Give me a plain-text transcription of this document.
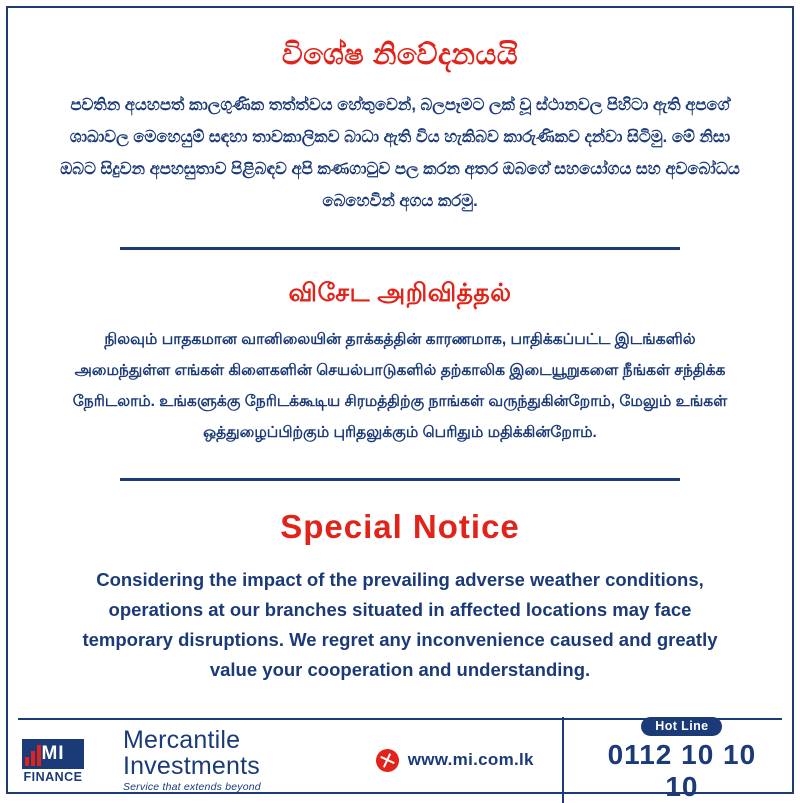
විශේෂ නිවේදනයයි

පවතින අයහපත් කාලගුණික තත්ත්වය හේතුවෙන්, බලපෑමට ලක් වූ ස්ථානවල පිහිටා ඇති අපගේ ශාඛාවල මෙහෙයුම් සඳහා තාවකාලිකව බාධා ඇති විය හැකිබව කාරුණිකව දන්වා සිටිමු. මේ නිසා ඔබට සිදුවන අපහසුතාව පිළිබඳව අපි කණගාටුව පල කරන අතර ඔබගේ සහයෝගය සහ අවබෝධය බෙහෙවින් අගය කරමු.

விசேட அறிவித்தல்

நிலவும் பாதகமான வானிலையின் தாக்கத்தின் காரணமாக, பாதிக்கப்பட்ட இடங்களில் அமைந்துள்ள எங்கள் கிளைகளின் செயல்பாடுகளில் தற்காலிக இடையூறுகளை நீங்கள் சந்திக்க நேரிடலாம். உங்களுக்கு நேரிடக்கூடிய சிரமத்திற்கு நாங்கள் வருந்துகின்றோம், மேலும் உங்கள் ஒத்துழைப்பிற்கும் புரிதலுக்கும் பெரிதும் மதிக்கின்றோம்.

Special Notice

Considering the impact of the prevailing adverse weather conditions, operations at our branches situated in affected locations may face temporary disruptions. We regret any inconvenience caused and greatly value your cooperation and understanding.

MI
FINANCE
Mercantile Investments
Service that extends beyond
www.mi.com.lk
Hot Line
0112 10 10 10
